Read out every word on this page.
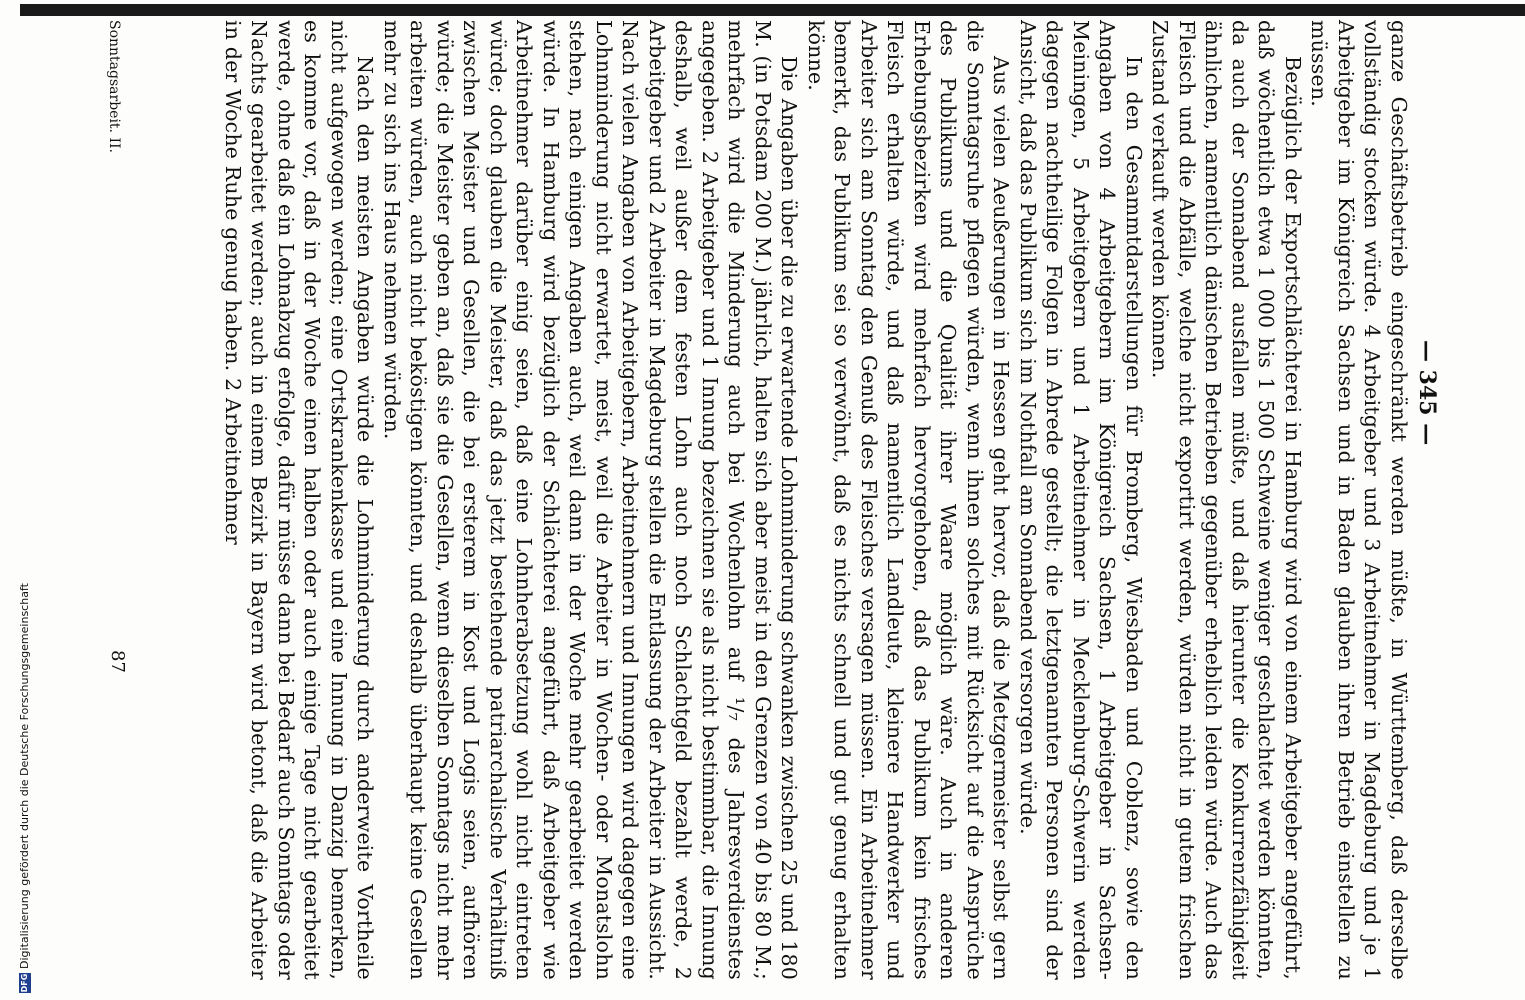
— 345 —

ganze Geschäftsbetrieb eingeschränkt werden müßte, in Württemberg, daß derselbe vollständig stocken würde. 4 Arbeitgeber und 3 Arbeitnehmer in Magdeburg und je 1 Arbeitgeber im Königreich Sachsen und in Baden glauben ihren Betrieb einstellen zu müssen.

Bezüglich der Exportschlächterei in Hamburg wird von einem Arbeitgeber angeführt, daß wöchentlich etwa 1 000 bis 1 500 Schweine weniger geschlachtet werden könnten, da auch der Sonnabend ausfallen müßte, und daß hierunter die Konkurrenzfähigkeit ähnlichen, namentlich dänischen Betrieben gegenüber erheblich leiden würde. Auch das Fleisch und die Abfälle, welche nicht exportirt werden, würden nicht in gutem frischen Zustand verkauft werden können.

In den Gesammtdarstellungen für Bromberg, Wiesbaden und Coblenz, sowie den Angaben von 4 Arbeitgebern im Königreich Sachsen, 1 Arbeitgeber in Sachsen-Meiningen, 5 Arbeitgebern und 1 Arbeitnehmer in Mecklenburg-Schwerin werden dagegen nachtheilige Folgen in Abrede gestellt; die letztgenannten Personen sind der Ansicht, daß das Publikum sich im Nothfall am Sonnabend versorgen würde.

Aus vielen Aeußerungen in Hessen geht hervor, daß die Metzgermeister selbst gern die Sonntagsruhe pflegen würden, wenn ihnen solches mit Rücksicht auf die Ansprüche des Publikums und die Qualität ihrer Waare möglich wäre. Auch in anderen Erhebungsbezirken wird mehrfach hervorgehoben, daß das Publikum kein frisches Fleisch erhalten würde, und daß namentlich Landleute, kleinere Handwerker und Arbeiter sich am Sonntag den Genuß des Fleisches versagen müssen. Ein Arbeitnehmer bemerkt, das Publikum sei so verwöhnt, daß es nichts schnell und gut genug erhalten könne.

Die Angaben über die zu erwartende Lohnminderung schwanken zwischen 25 und 180 M. (in Potsdam 200 M.) jährlich, halten sich aber meist in den Grenzen von 40 bis 80 M.; mehrfach wird die Minderung auch bei Wochenlohn auf ¹/₇ des Jahresverdienstes angegeben. 2 Arbeitgeber und 1 Innung bezeichnen sie als nicht bestimmbar, die Innung deshalb, weil außer dem festen Lohn auch noch Schlachtgeld bezahlt werde, 2 Arbeitgeber und 2 Arbeiter in Magdeburg stellen die Entlassung der Arbeiter in Aussicht. Nach vielen Angaben von Arbeitgebern, Arbeitnehmern und Innungen wird dagegen eine Lohnminderung nicht erwartet, meist, weil die Arbeiter in Wochen- oder Monatslohn stehen, nach einigen Angaben auch, weil dann in der Woche mehr gearbeitet werden würde. In Hamburg wird bezüglich der Schlächterei angeführt, daß Arbeitgeber wie Arbeitnehmer darüber einig seien, daß eine Lohnherabsetzung wohl nicht eintreten würde; doch glauben die Meister, daß das jetzt bestehende patriarchalische Verhältniß zwischen Meister und Gesellen, die bei ersterem in Kost und Logis seien, aufhören würde; die Meister geben an, daß sie die Gesellen, wenn dieselben Sonntags nicht mehr arbeiten würden, auch nicht beköstigen könnten, und deshalb überhaupt keine Gesellen mehr zu sich ins Haus nehmen würden.

Nach den meisten Angaben würde die Lohnminderung durch anderweite Vortheile nicht aufgewogen werden; eine Ortskrankenkasse und eine Innung in Danzig bemerken, es komme vor, daß in der Woche einen halben oder auch einige Tage nicht gearbeitet werde, ohne daß ein Lohnabzug erfolge, dafür müsse dann bei Bedarf auch Sonntags oder Nachts gearbeitet werden; auch in einem Bezirk in Bayern wird betont, daß die Arbeiter in der Woche Ruhe genug haben. 2 Arbeitnehmer

Sonntagsarbeit. II.
87
DFG
Digitalisierung gefördert durch die Deutsche Forschungsgemeinschaft
